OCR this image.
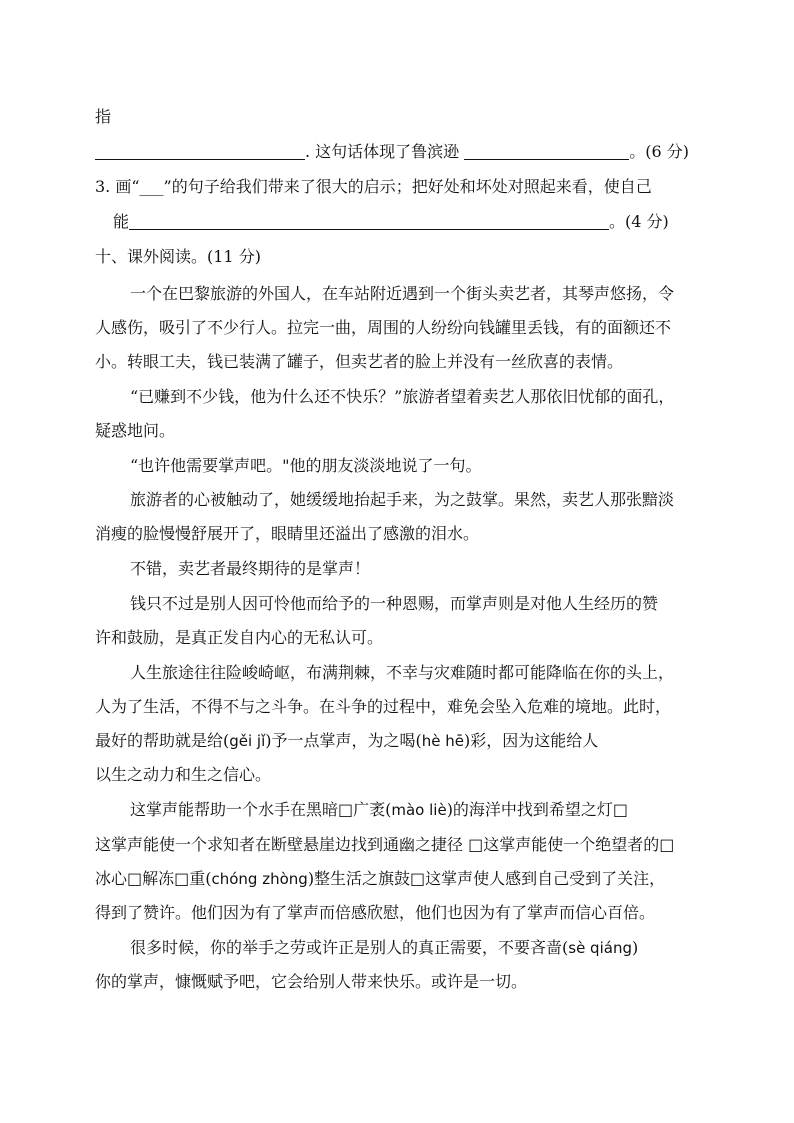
指
. 这句话体现了鲁滨逊	。(6 分)
3. 画“___”的句子给我们带来了很大的启示；把好处和坏处对照起来看，使自己
能	。(4 分)
十、课外阅读。(11 分)
一个在巴黎旅游的外国人，在车站附近遇到一个街头卖艺者，其琴声悠扬，令
人感伤，吸引了不少行人。拉完一曲，周围的人纷纷向钱罐里丢钱，有的面额还不
小。转眼工夫，钱已装满了罐子，但卖艺者的脸上并没有一丝欣喜的表情。
“已赚到不少钱，他为什么还不快乐？”旅游者望着卖艺人那依旧忧郁的面孔，
疑惑地问。
“也许他需要掌声吧。"他的朋友淡淡地说了一句。
旅游者的心被触动了，她缓缓地抬起手来，为之鼓掌。果然，卖艺人那张黯淡
消瘦的脸慢慢舒展开了，眼睛里还溢出了感激的泪水。
不错，卖艺者最终期待的是掌声！
钱只不过是别人因可怜他而给予的一种恩赐，而掌声则是对他人生经历的赞
许和鼓励，是真正发自内心的无私认可。
人生旅途往往险峻崎岖，布满荆棘，不幸与灾难随时都可能降临在你的头上，
人为了生活，不得不与之斗争。在斗争的过程中，难免会坠入危难的境地。此时，
最好的帮助就是给(gěi jǐ)予一点掌声，为之喝(hè hē)彩，因为这能给人
以生之动力和生之信心。
这掌声能帮助一个水手在黑暗□广袤(mào liè)的海洋中找到希望之灯□
这掌声能使一个求知者在断壁悬崖边找到通幽之捷径 □这掌声能使一个绝望者的□
冰心□解冻□重(chóng zhòng)整生活之旗鼓□这掌声使人感到自己受到了关注，
得到了赞许。他们因为有了掌声而倍感欣慰，他们也因为有了掌声而信心百倍。
很多时候，你的举手之劳或许正是别人的真正需要，不要吝啬(sè qiáng)
你的掌声，慷慨赋予吧，它会给别人带来快乐。或许是一切。
